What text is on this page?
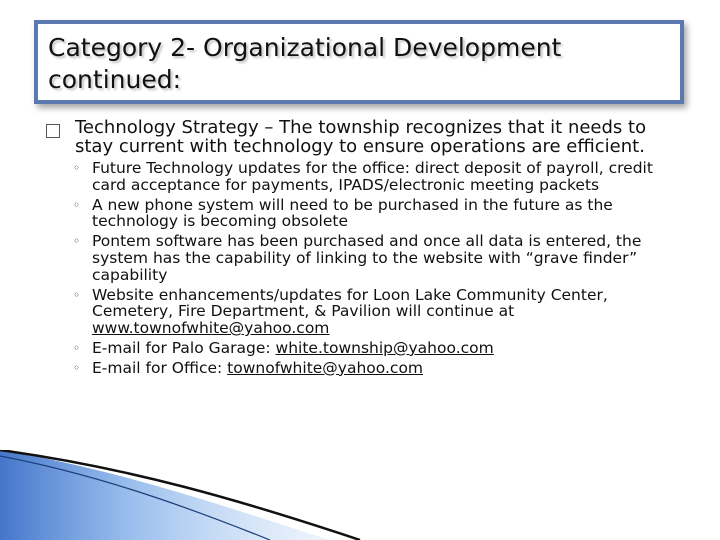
Category 2- Organizational Development
continued:
Technology Strategy – The township recognizes that it needs to stay current with technology to ensure operations are efficient.
◦ Future Technology updates for the office: direct deposit of payroll, credit card acceptance for payments, IPADS/electronic meeting packets
◦ A new phone system will need to be purchased in the future as the technology is becoming obsolete
◦ Pontem software has been purchased and once all data is entered, the system has the capability of linking to the website with “grave finder” capability
◦ Website enhancements/updates for Loon Lake Community Center, Cemetery, Fire Department, & Pavilion will continue at www.townofwhite@yahoo.com
◦ E-mail for Palo Garage: white.township@yahoo.com
◦ E-mail for Office: townofwhite@yahoo.com
